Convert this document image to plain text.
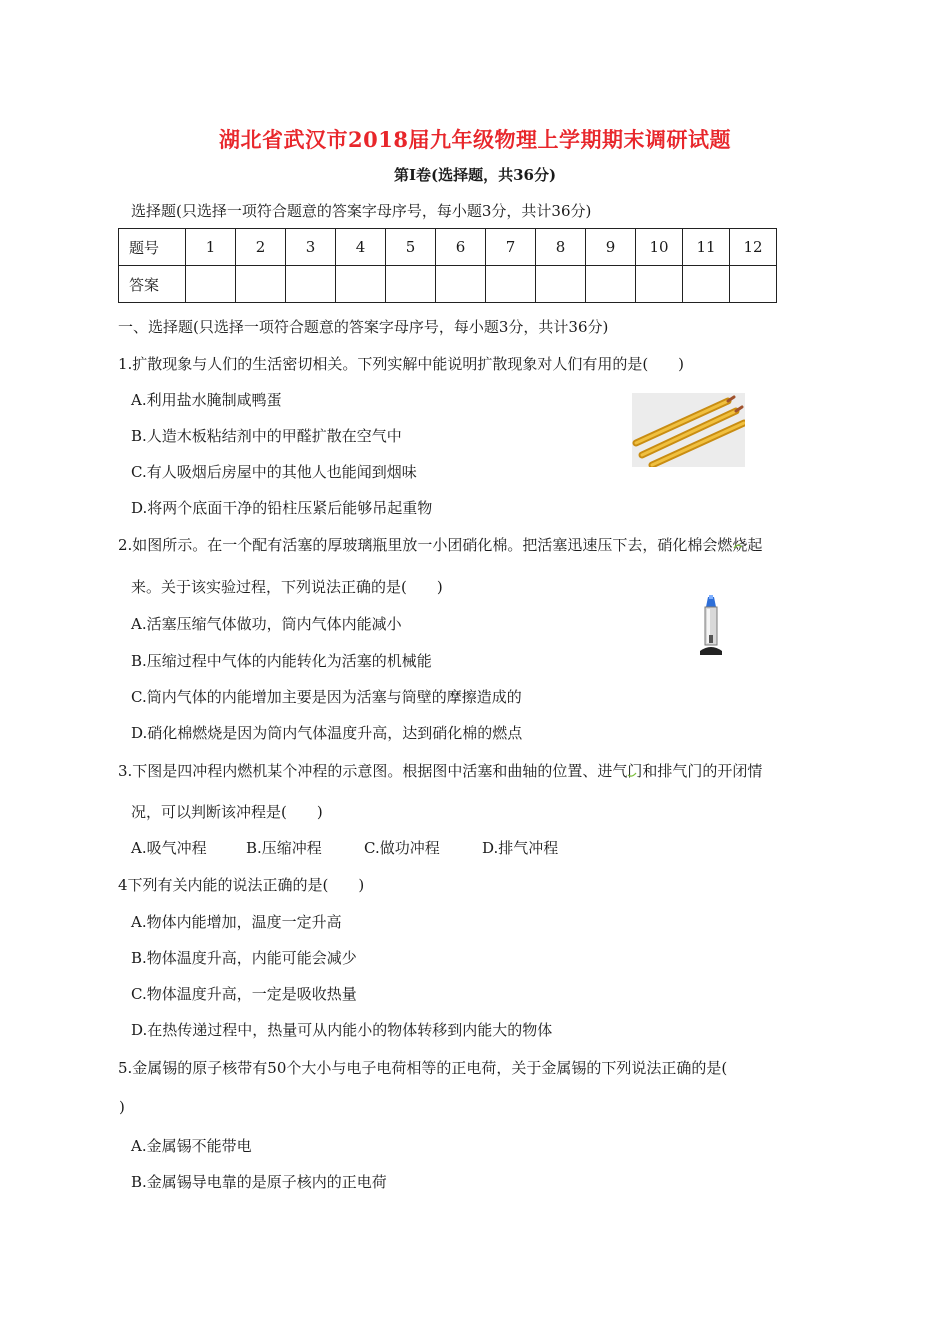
湖北省武汉市2018届九年级物理上学期期末调研试题
第Ⅰ卷(选择题，共36分)
选择题(只选择一项符合题意的答案字母序号，每小题3分，共计36分)
题号	1	2	3	4	5	6	7	8	9	10	11	12
答案												
一、选择题(只选择一项符合题意的答案字母序号，每小题3分，共计36分)
1.扩散现象与人们的生活密切相关。下列实解中能说明扩散现象对人们有用的是(　　)
A.利用盐水腌制咸鸭蛋
B.人造木板粘结剂中的甲醛扩散在空气中
C.有人吸烟后房屋中的其他人也能闻到烟味
D.将两个底面干净的铅柱压紧后能够吊起重物
2.如图所示。在一个配有活塞的厚玻璃瓶里放一小团硝化棉。把活塞迅速压下去，硝化棉会燃烧起
来。关于该实验过程，下列说法正确的是(　　)
A.活塞压缩气体做功，筒内气体内能减小
B.压缩过程中气体的内能转化为活塞的机械能
C.筒内气体的内能增加主要是因为活塞与筒壁的摩擦造成的
D.硝化棉燃烧是因为筒内气体温度升高，达到硝化棉的燃点
3.下图是四冲程内燃机某个冲程的示意图。根据图中活塞和曲轴的位置、进气门和排气门的开闭情
况，可以判断该冲程是(　　)
A.吸气冲程	B.压缩冲程	C.做功冲程	D.排气冲程
4下列有关内能的说法正确的是(　　)
A.物体内能增加，温度一定升高
B.物体温度升高，内能可能会减少
C.物体温度升高，一定是吸收热量
D.在热传递过程中，热量可从内能小的物体转移到内能大的物体
5.金属锡的原子核带有50个大小与电子电荷相等的正电荷，关于金属锡的下列说法正确的是(
)
A.金属锡不能带电
B.金属锡导电靠的是原子核内的正电荷
